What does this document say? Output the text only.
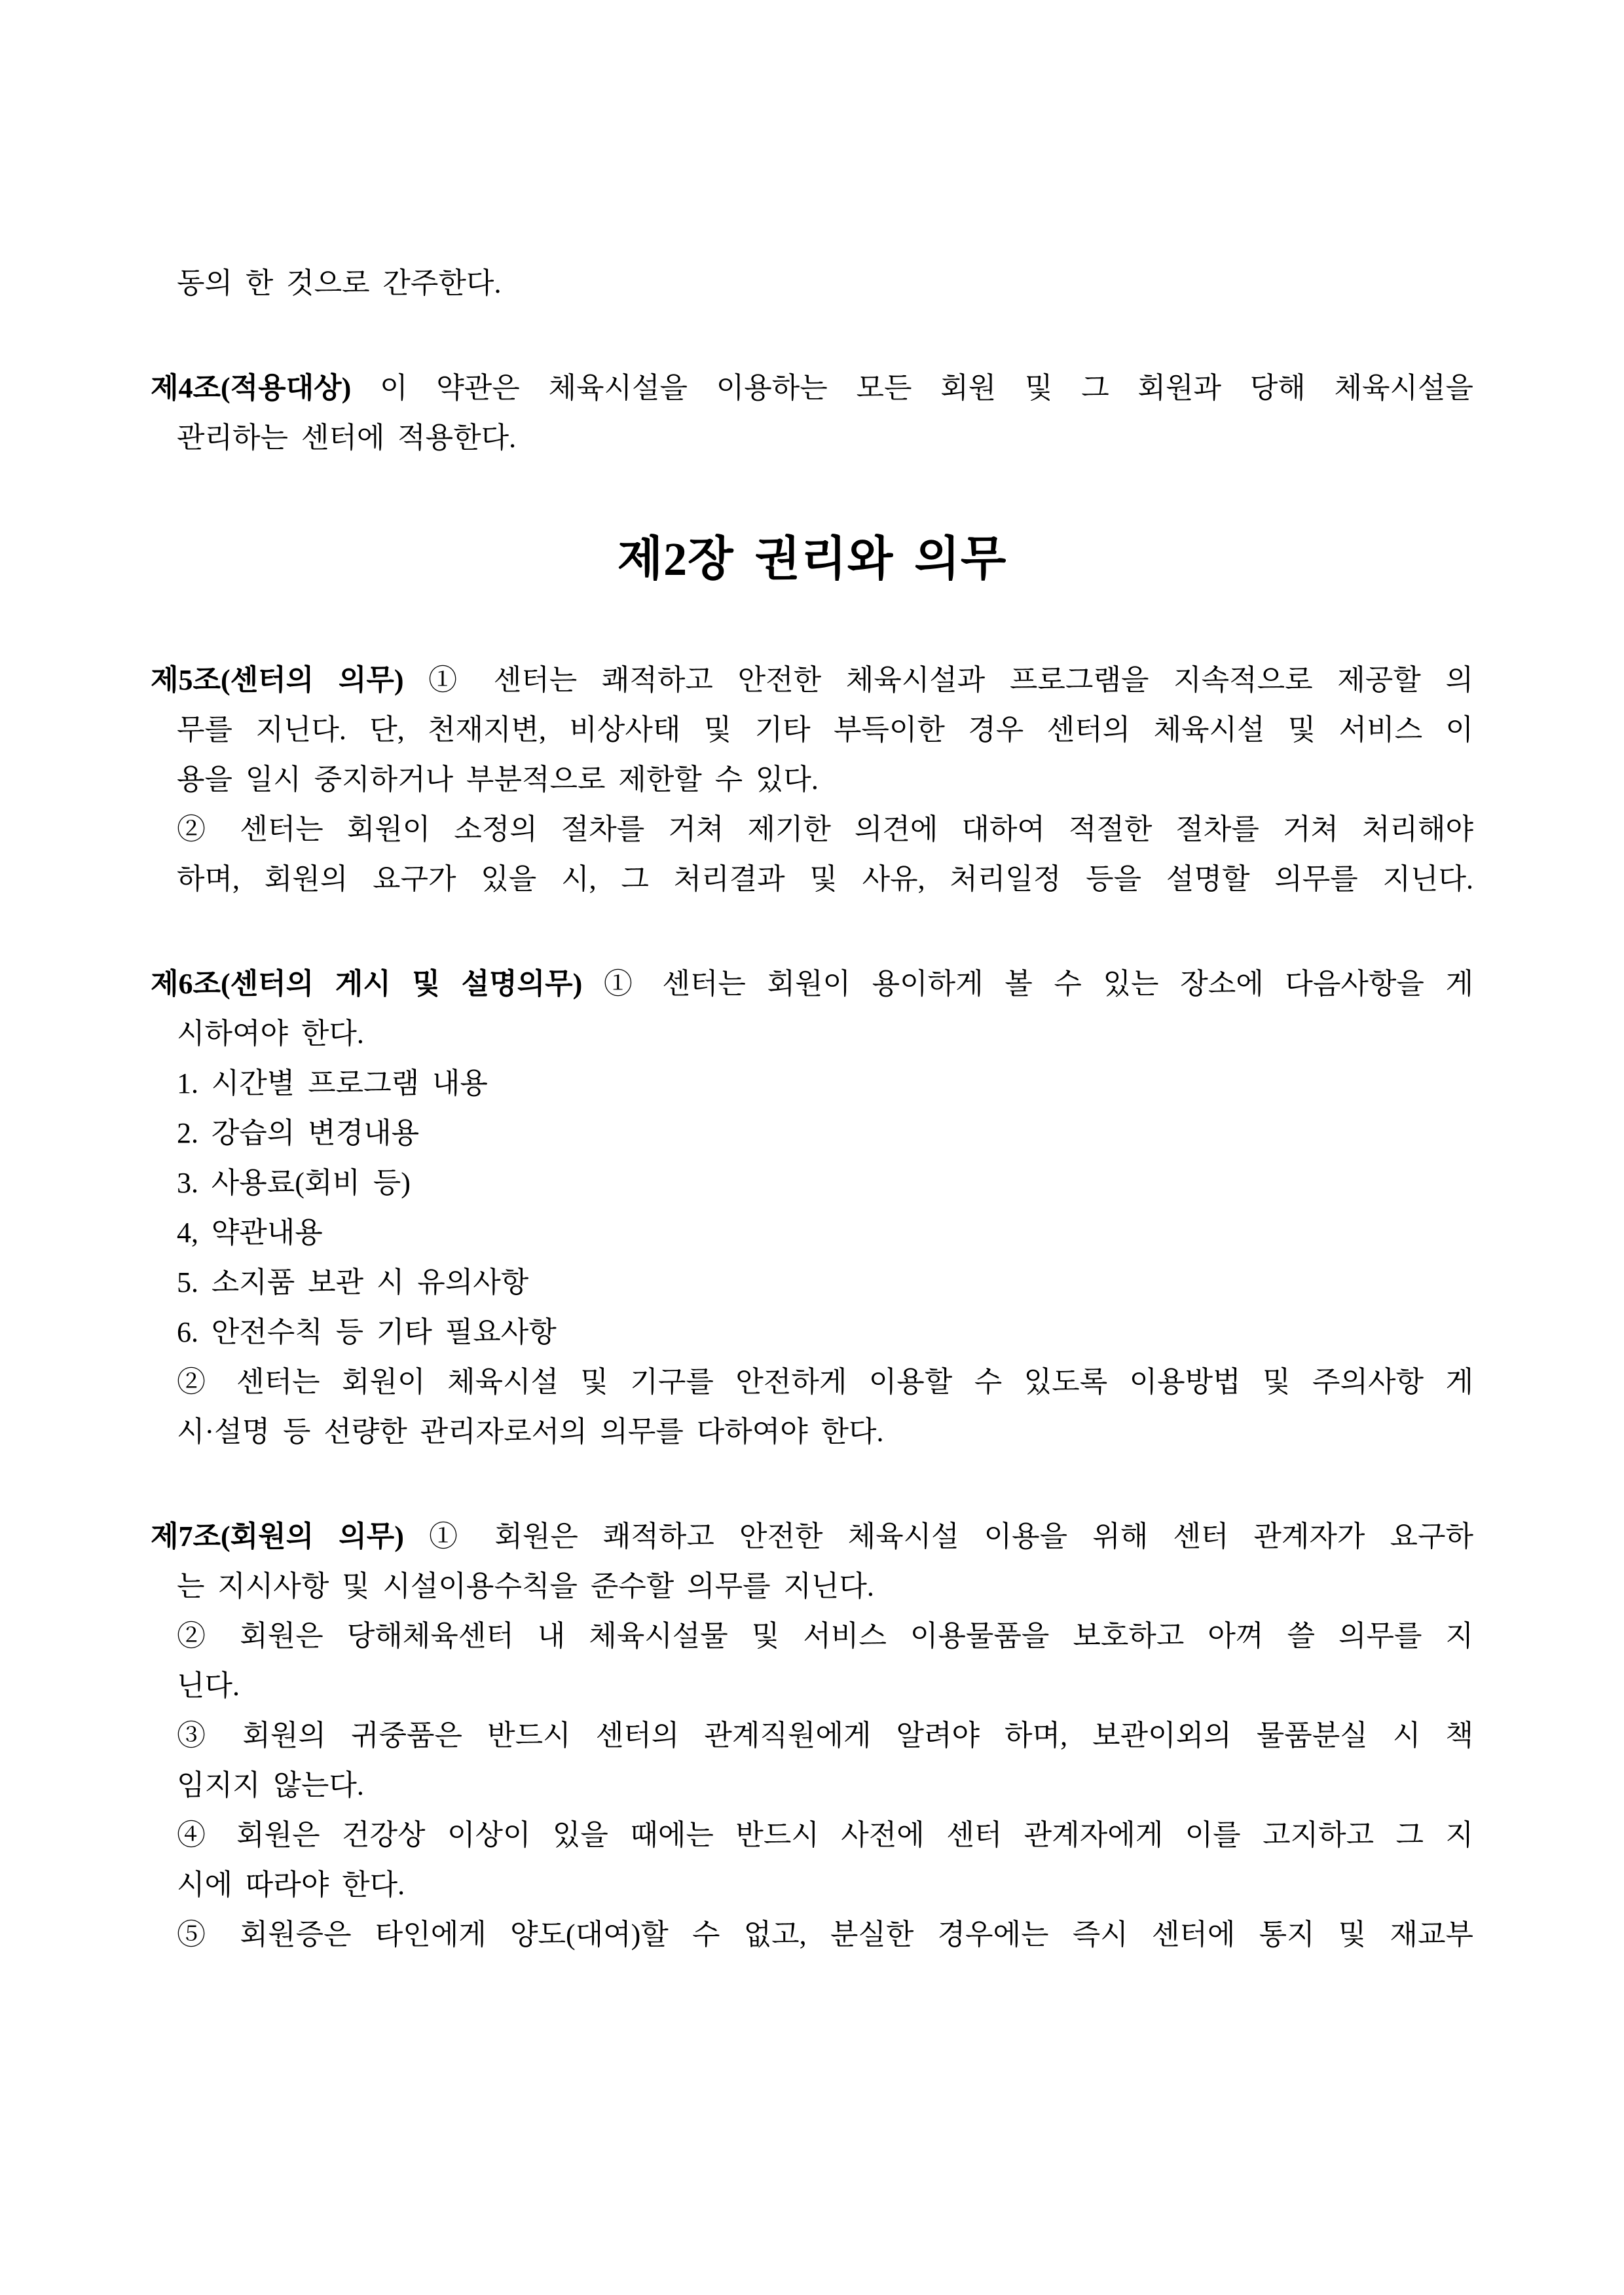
동의 한 것으로 간주한다.
제4조(적용대상) 이 약관은 체육시설을 이용하는 모든 회원 및 그 회원과 당해 체육시설을
관리하는 센터에 적용한다.
제2장 권리와 의무
제5조(센터의 의무) ① 센터는 쾌적하고 안전한 체육시설과 프로그램을 지속적으로 제공할 의
무를 지닌다. 단, 천재지변, 비상사태 및 기타 부득이한 경우 센터의 체육시설 및 서비스 이
용을 일시 중지하거나 부분적으로 제한할 수 있다.
② 센터는 회원이 소정의 절차를 거쳐 제기한 의견에 대하여 적절한 절차를 거쳐 처리해야
하며, 회원의 요구가 있을 시, 그 처리결과 및 사유, 처리일정 등을 설명할 의무를 지닌다.
제6조(센터의 게시 및 설명의무) ① 센터는 회원이 용이하게 볼 수 있는 장소에 다음사항을 게
시하여야 한다.
1. 시간별 프로그램 내용
2. 강습의 변경내용
3. 사용료(회비 등)
4, 약관내용
5. 소지품 보관 시 유의사항
6. 안전수칙 등 기타 필요사항
② 센터는 회원이 체육시설 및 기구를 안전하게 이용할 수 있도록 이용방법 및 주의사항 게
시·설명 등 선량한 관리자로서의 의무를 다하여야 한다.
제7조(회원의 의무) ① 회원은 쾌적하고 안전한 체육시설 이용을 위해 센터 관계자가 요구하
는 지시사항 및 시설이용수칙을 준수할 의무를 지닌다.
② 회원은 당해체육센터 내 체육시설물 및 서비스 이용물품을 보호하고 아껴 쓸 의무를 지
닌다.
③ 회원의 귀중품은 반드시 센터의 관계직원에게 알려야 하며, 보관이외의 물품분실 시 책
임지지 않는다.
④ 회원은 건강상 이상이 있을 때에는 반드시 사전에 센터 관계자에게 이를 고지하고 그 지
시에 따라야 한다.
⑤ 회원증은 타인에게 양도(대여)할 수 없고, 분실한 경우에는 즉시 센터에 통지 및 재교부
